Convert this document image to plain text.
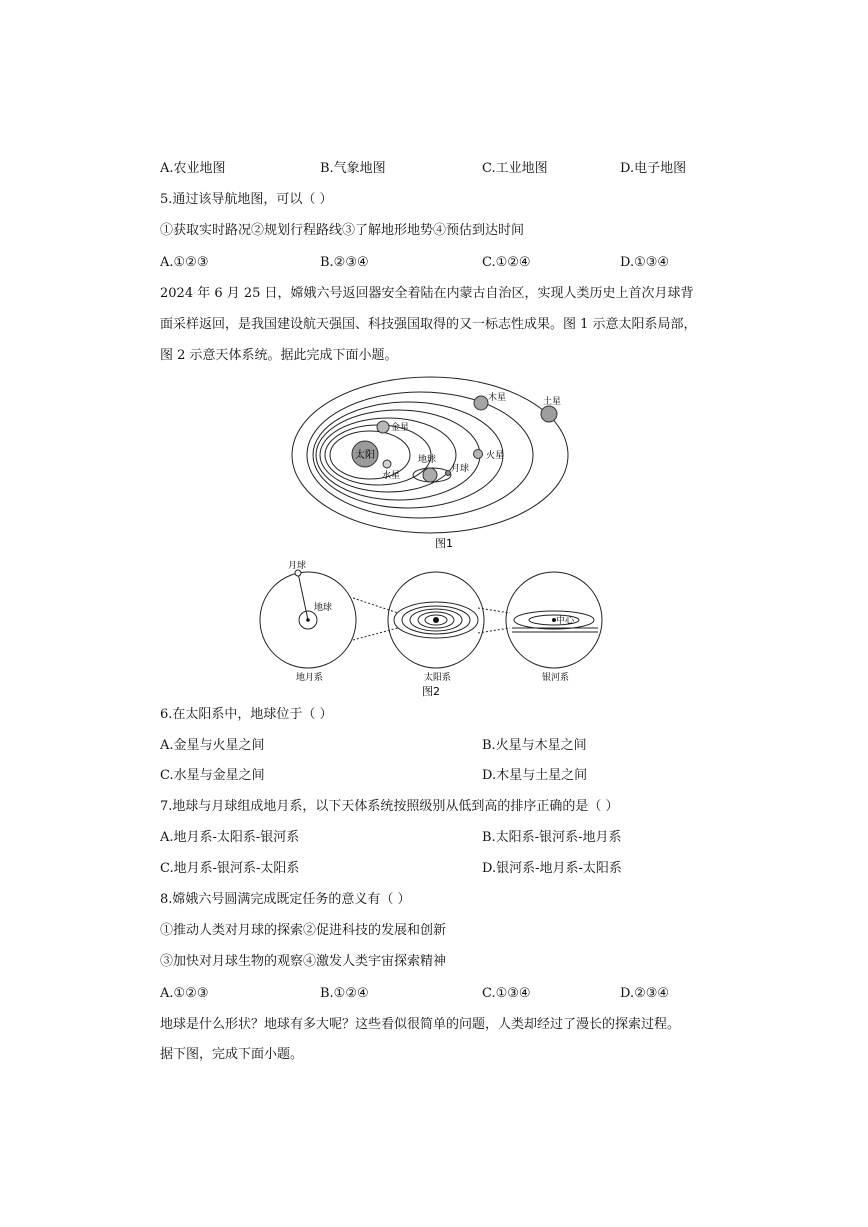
A.农业地图	B.气象地图	C.工业地图	D.电子地图
5.通过该导航地图，可以（ ）
①获取实时路况②规划行程路线③了解地形地势④预估到达时间
A.①②③	B.②③④	C.①②④	D.①③④
2024 年 6 月 25 日，嫦娥六号返回器安全着陆在内蒙古自治区，实现人类历史上首次月球背
面采样返回，是我国建设航天强国、科技强国取得的又一标志性成果。图 1 示意太阳系局部，
图 2 示意天体系统。据此完成下面小题。
太阳
水星
金星
地球
月球
火星
木星	土星
图1
月球
地球
中心
地月系	太阳系	银河系
图2
6.在太阳系中，地球位于（ ）
A.金星与火星之间	B.火星与木星之间
C.水星与金星之间	D.木星与土星之间
7.地球与月球组成地月系，以下天体系统按照级别从低到高的排序正确的是（ ）
A.地月系-太阳系-银河系	B.太阳系-银河系-地月系
C.地月系-银河系-太阳系	D.银河系-地月系-太阳系
8.嫦娥六号圆满完成既定任务的意义有（ ）
①推动人类对月球的探索②促进科技的发展和创新
③加快对月球生物的观察④激发人类宇宙探索精神
A.①②③	B.①②④	C.①③④	D.②③④
地球是什么形状？地球有多大呢？这些看似很简单的问题，人类却经过了漫长的探索过程。
据下图，完成下面小题。
